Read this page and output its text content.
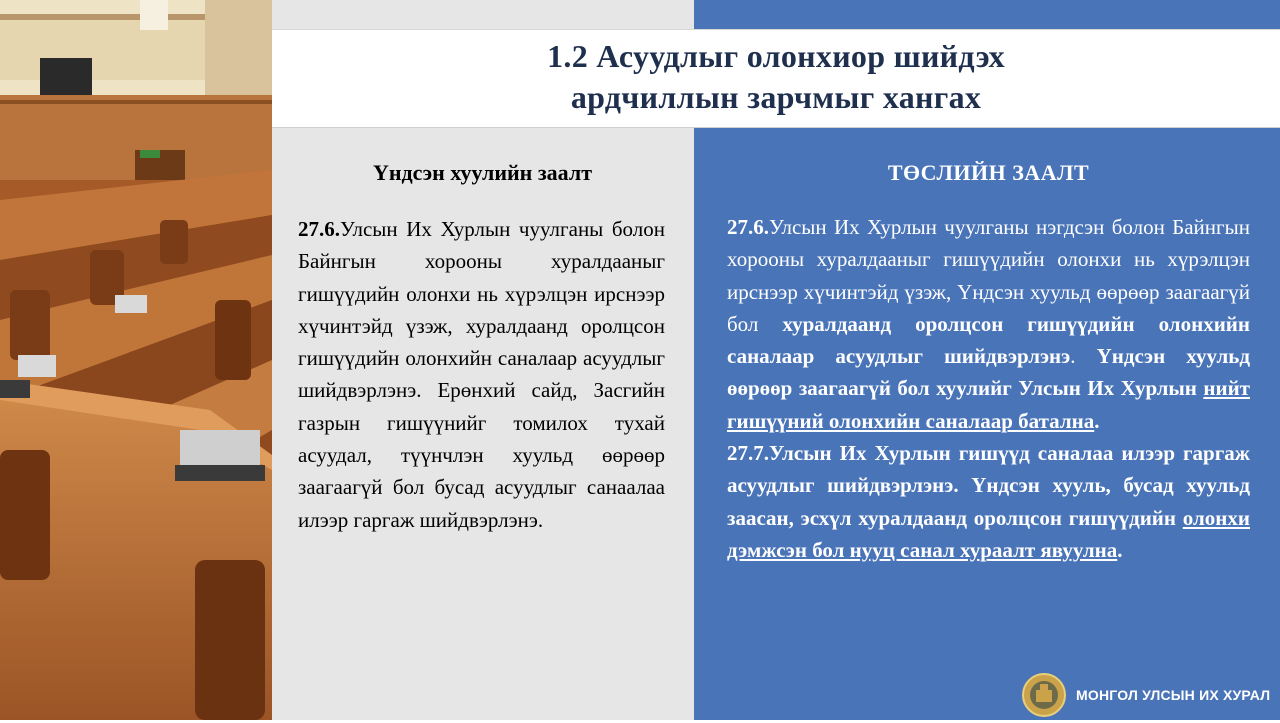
1.2 Асуудлыг олонхиор шийдэх
ардчиллын зарчмыг хангах
Үндсэн хуулийн заалт	ТӨСЛИЙН ЗААЛТ
27.6.Улсын Их Хурлын чуулганы болон Байнгын хорооны хуралдааныг гишүүдийн олонхи нь хүрэлцэн ирснээр хүчинтэйд үзэж, хуралдаанд оролцсон гишүүдийн олонхийн саналаар асуудлыг шийдвэрлэнэ. Ерөнхий сайд, Засгийн газрын гишүүнийг томилох тухай асуудал, түүнчлэн хуульд өөрөөр заагаагүй бол бусад асуудлыг санаалаа илээр гаргаж шийдвэрлэнэ.

27.6.Улсын Их Хурлын чуулганы нэгдсэн болон Байнгын хорооны хуралдааныг гишүүдийн олонхи нь хүрэлцэн ирснээр хүчинтэйд үзэж, Үндсэн хуульд өөрөөр заагаагүй бол хуралдаанд оролцсон гишүүдийн олонхийн саналаар асуудлыг шийдвэрлэнэ. Үндсэн хуульд өөрөөр заагаагүй бол хуулийг Улсын Их Хурлын нийт гишүүний олонхийн саналаар батална.

27.7.Улсын Их Хурлын гишүүд саналаа илээр гаргаж асуудлыг шийдвэрлэнэ. Үндсэн хууль, бусад хуульд заасан, эсхүл хуралдаанд оролцсон гишүүдийн олонхи дэмжсэн бол нууц санал хураалт явуулна.

МОНГОЛ УЛСЫН ИХ ХУРАЛ
